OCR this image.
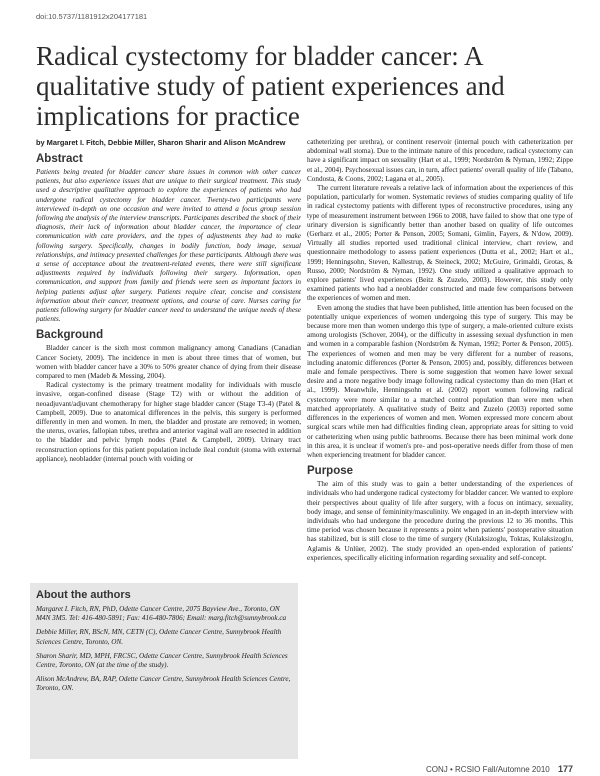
doi:10.5737/1181912x204177181
Radical cystectomy for bladder cancer: A qualitative study of patient experiences and implications for practice

by Margaret I. Fitch, Debbie Miller, Sharon Sharir and Alison McAndrew

Abstract

Patients being treated for bladder cancer share issues in common with other cancer patients, but also experience issues that are unique to their surgical treatment. This study used a descriptive qualitative approach to explore the experiences of patients who had undergone radical cystectomy for bladder cancer. Twenty-two participants were interviewed in-depth on one occasion and were invited to attend a focus group session following the analysis of the interview transcripts. Participants described the shock of their diagnosis, their lack of information about bladder cancer, the importance of clear communication with care providers, and the types of adjustments they had to make following surgery. Specifically, changes in bodily function, body image, sexual relationships, and intimacy presented challenges for these participants. Although there was a sense of acceptance about the treatment-related events, there were still significant adjustments required by individuals following their surgery. Information, open communication, and support from family and friends were seen as important factors in helping patients adjust after surgery. Patients require clear, concise and consistent information about their cancer, treatment options, and course of care. Nurses caring for patients following surgery for bladder cancer need to understand the unique needs of these patients.

Background

Bladder cancer is the sixth most common malignancy among Canadians (Canadian Cancer Society, 2009). The incidence in men is about three times that of women, but women with bladder cancer have a 30% to 50% greater chance of dying from their disease compared to men (Madeb & Messing, 2004).

Radical cystectomy is the primary treatment modality for individuals with muscle invasive, organ-confined disease (Stage T2) with or without the addition of neoadjuvant/adjuvant chemotherapy for higher stage bladder cancer (Stage T3-4) (Patel & Campbell, 2009). Due to anatomical differences in the pelvis, this surgery is performed differently in men and women. In men, the bladder and prostate are removed; in women, the uterus, ovaries, fallopian tubes, urethra and anterior vaginal wall are resected in addition to the bladder and pelvic lymph nodes (Patel & Campbell, 2009). Urinary tract reconstruction options for this patient population include ileal conduit (stoma with external appliance), neobladder (internal pouch with voiding or

About the authors

Margaret I. Fitch, RN, PhD, Odette Cancer Centre, 2075 Bayview Ave., Toronto, ON M4N 3M5. Tel: 416-480-5891; Fax: 416-480-7806; Email: marg.fitch@sunnybrook.ca

Debbie Miller, RN, BScN, MN, CETN (C), Odette Cancer Centre, Sunnybrook Health Sciences Centre, Toronto, ON.

Sharon Sharir, MD, MPH, FRCSC, Odette Cancer Centre, Sunnybrook Health Sciences Centre, Toronto, ON (at the time of the study).

Alison McAndrew, BA, RAP, Odette Cancer Centre, Sunnybrook Health Sciences Centre, Toronto, ON.

catheterizing per urethra), or continent reservoir (internal pouch with catheterization per abdominal wall stoma). Due to the intimate nature of this procedure, radical cystectomy can have a significant impact on sexuality (Hart et al., 1999; Nordström & Nyman, 1992; Zippe et al., 2004). Psychosexual issues can, in turn, affect patients' overall quality of life (Tabano, Condosta, & Coons, 2002; Lagana et al., 2005).

The current literature reveals a relative lack of information about the experiences of this population, particularly for women. Systematic reviews of studies comparing quality of life in radical cystectomy patients with different types of reconstructive procedures, using any type of measurement instrument between 1966 to 2008, have failed to show that one type of urinary diversion is significantly better than another based on quality of life outcomes (Gerharz et al., 2005; Porter & Penson, 2005; Somani, Gimlin, Fayers, & N'dow, 2009). Virtually all studies reported used traditional clinical interview, chart review, and questionnaire methodology to assess patient experiences (Dutta et al., 2002; Hart et al., 1999; Henningsohn, Steven, Kallestrup, & Steineck, 2002; McGuire, Grimaldi, Grotas, & Russo, 2000; Nordström & Nyman, 1992). One study utilized a qualitative approach to explore patients' lived experiences (Beitz & Zuzelo, 2003). However, this study only examined patients who had a neobladder constructed and made few comparisons between the experiences of women and men.

Even among the studies that have been published, little attention has been focused on the potentially unique experiences of women undergoing this type of surgery. This may be because more men than women undergo this type of surgery, a male-oriented culture exists among urologists (Schover, 2004), or the difficulty in assessing sexual dysfunction in men and women in a comparable fashion (Nordström & Nyman, 1992; Porter & Penson, 2005). The experiences of women and men may be very different for a number of reasons, including anatomic differences (Porter & Penson, 2005) and, possibly, differences between male and female perspectives. There is some suggestion that women have lower sexual desire and a more negative body image following radical cystectomy than do men (Hart et al., 1999). Meanwhile, Henningsohn et al. (2002) report women following radical cystectomy were more similar to a matched control population than were men when matched appropriately. A qualitative study of Beitz and Zuzelo (2003) reported some differences in the experiences of women and men. Women expressed more concern about surgical scars while men had difficulties finding clean, appropriate areas for sitting to void or catheterizing when using public bathrooms. Because there has been minimal work done in this area, it is unclear if women's pre- and post-operative needs differ from those of men when experiencing treatment for bladder cancer.

Purpose

The aim of this study was to gain a better understanding of the experiences of individuals who had undergone radical cystectomy for bladder cancer. We wanted to explore their perspectives about quality of life after surgery, with a focus on intimacy, sexuality, body image, and sense of femininity/masculinity. We engaged in an in-depth interview with individuals who had undergone the procedure during the previous 12 to 36 months. This time period was chosen because it represents a point when patients' postoperative situation has stabilized, but is still close to the time of surgery (Kulaksizoglu, Toktas, Kulaksizoglu, Aglamis & Unlüer, 2002). The study provided an open-ended exploration of patients' experiences, specifically eliciting information regarding sexuality and self-concept.

CONJ • RCSIO Fall/Automne 2010 177
